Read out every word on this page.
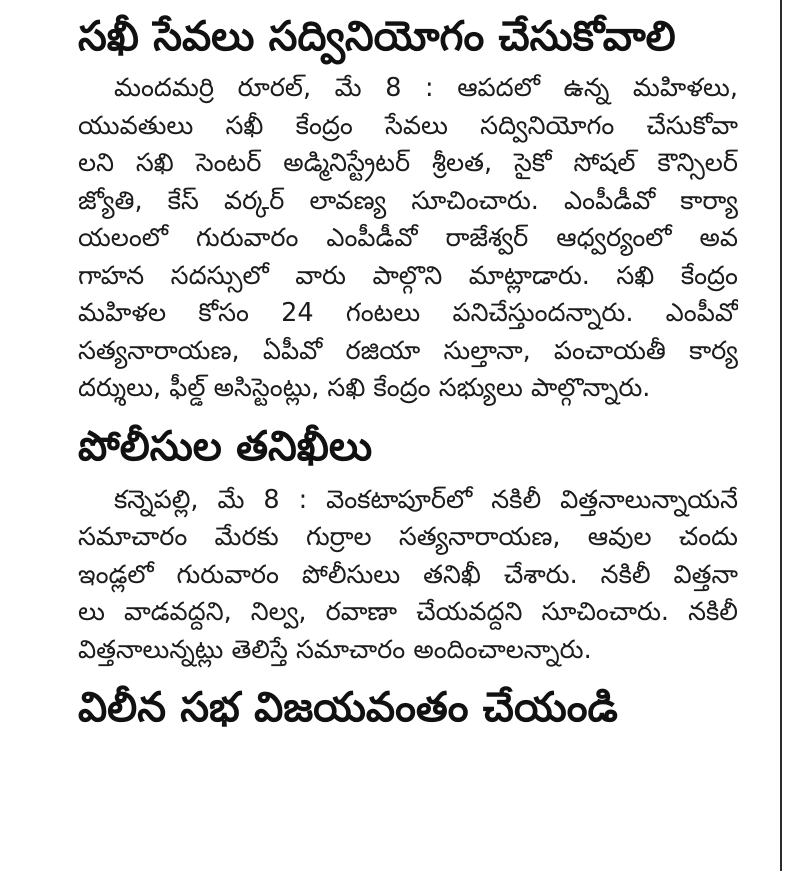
సఖీ సేవలు సద్వినియోగం చేసుకోవాలి

మందమర్రి రూరల్, మే 8 : ఆపదలో ఉన్న మహిళలు,
యువతులు సఖీ కేంద్రం సేవలు సద్వినియోగం చేసుకోవా
లని సఖి సెంటర్ అడ్మినిస్ట్రేటర్ శ్రీలత, సైకో సోషల్ కౌన్సిలర్
జ్యోతి, కేస్ వర్కర్ లావణ్య సూచించారు. ఎంపీడీవో కార్యా
యలంలో గురువారం ఎంపీడీవో రాజేశ్వర్ ఆధ్వర్యంలో అవ
గాహన సదస్సులో వారు పాల్గొని మాట్లాడారు. సఖి కేంద్రం
మహిళల కోసం 24 గంటలు పనిచేస్తుందన్నారు. ఎంపీవో
సత్యనారాయణ, ఏపీవో రజియా సుల్తానా, పంచాయతీ కార్య
దర్శులు, ఫీల్డ్ అసిస్టెంట్లు, సఖి కేంద్రం సభ్యులు పాల్గొన్నారు.

పోలీసుల తనిఖీలు

కన్నెపల్లి, మే 8 : వెంకటాపూర్‌లో నకిలీ విత్తనాలున్నాయనే
సమాచారం మేరకు గుర్రాల సత్యనారాయణ, ఆవుల చందు
ఇండ్లలో గురువారం పోలీసులు తనిఖీ చేశారు. నకిలీ విత్తనా
లు వాడవద్దని, నిల్వ, రవాణా చేయవద్దని సూచించారు. నకిలీ
విత్తనాలున్నట్లు తెలిస్తే సమాచారం అందించాలన్నారు.

విలీన సభ విజయవంతం చేయండి
